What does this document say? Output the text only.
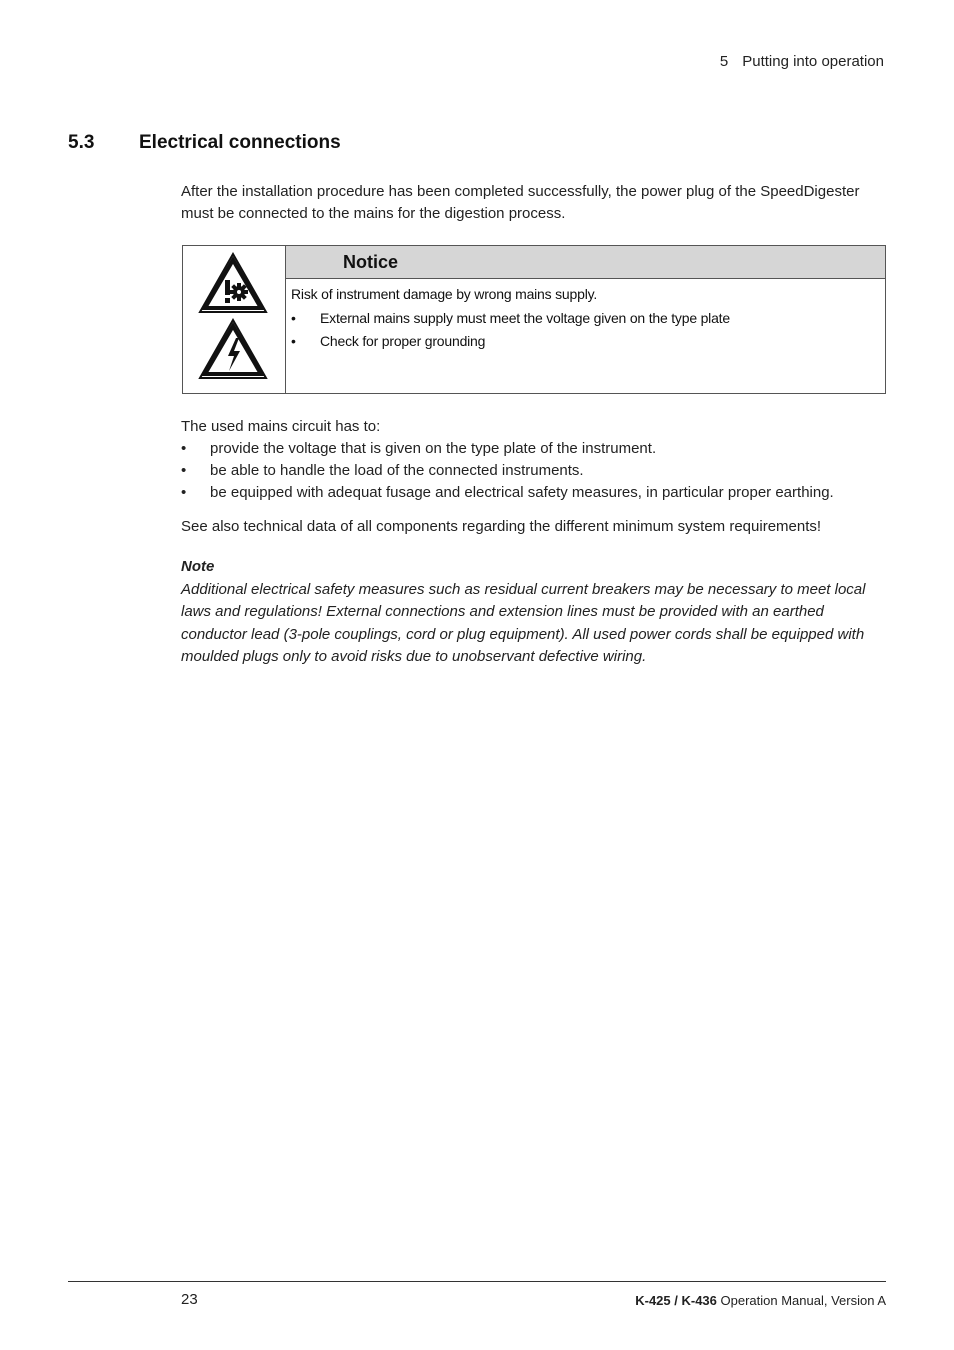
5 Putting into operation
5.3 Electrical connections
After the installation procedure has been completed successfully, the power plug of the SpeedDigester must be connected to the mains for the digestion process.
Notice
Risk of instrument damage by wrong mains supply.
•	External mains supply must meet the voltage given on the type plate
•	Check for proper grounding
The used mains circuit has to:
•	provide the voltage that is given on the type plate of the instrument.
•	be able to handle the load of the connected instruments.
•	be equipped with adequat fusage and electrical safety measures, in particular proper earthing.
See also technical data of all components regarding the different minimum system requirements!
Note
Additional electrical safety measures such as residual current breakers may be necessary to meet local laws and regulations! External connections and extension lines must be provided with an earthed conductor lead (3-pole couplings, cord or plug equipment). All used power cords shall be equipped with moulded plugs only to avoid risks due to unobservant defective wiring.
23	K-425 / K-436 Operation Manual, Version A
